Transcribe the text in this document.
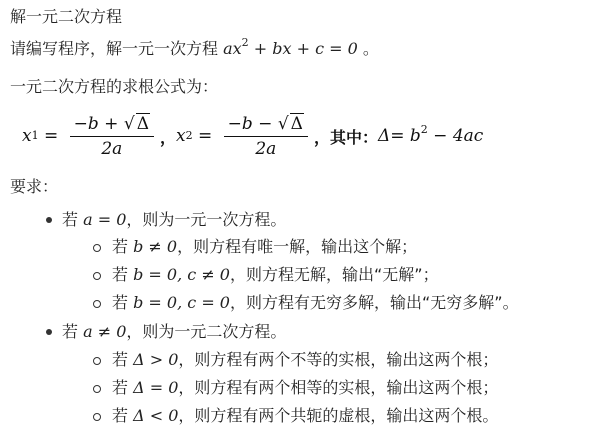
解一元二次方程
请编写程序，解一元一次方程 $ax^2$ + bx + c = 0 。
一元二次方程的求根公式为：
x $1 = \frac{-b + √ \Delta}{2a}$ ， x $2 = \frac{-b - √ \Delta}{2a}$ ，其中： $\Delta= b^2 - 4ac$
要求：
若 a = 0，则为一元一次方程。
若 b ≠ 0，则方程有唯一解，输出这个解；
若 b = 0, c ≠ 0，则方程无解，输出“无解”；
若 b = 0, c = 0，则方程有无穷多解，输出“无穷多解”。
若 a ≠ 0，则为一元二次方程。
若 Δ > 0，则方程有两个不等的实根，输出这两个根；
若 Δ = 0，则方程有两个相等的实根，输出这两个根；
若 Δ < 0，则方程有两个共轭的虚根，输出这两个根。
